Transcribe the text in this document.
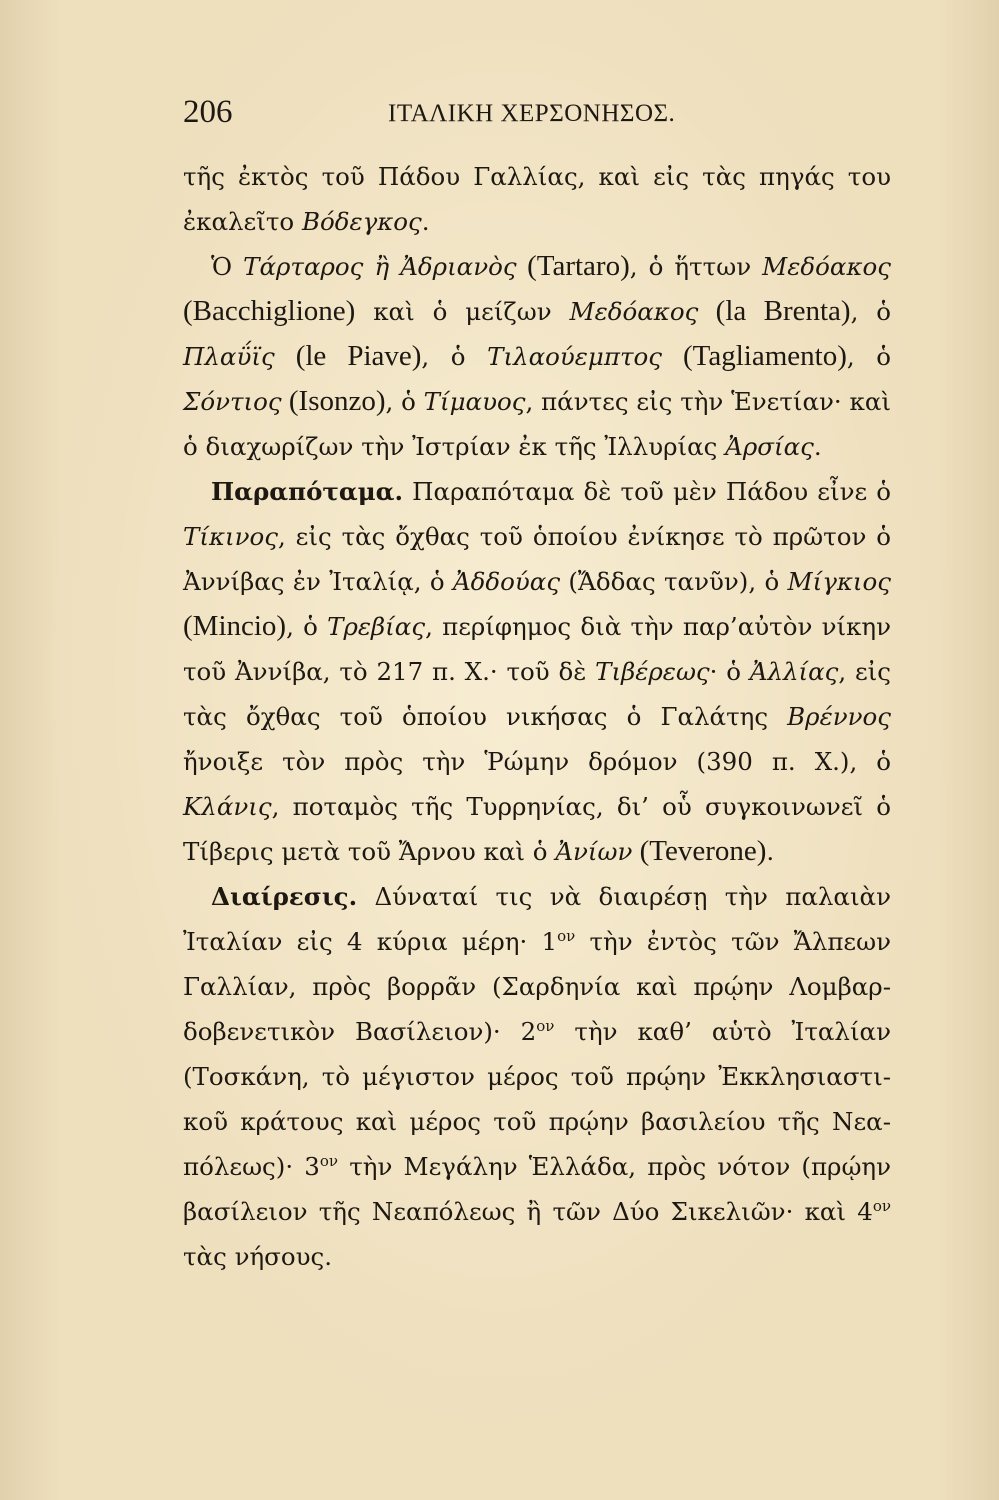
206	ΙΤΑΛΙΚΗ ΧΕΡΣΟΝΗΣΟΣ.

τῆς ἐκτὸς τοῦ Πάδου Γαλλίας, καὶ εἰς τὰς πηγάς του ἐκαλεῖτο Βόδεγκος.

Ὁ Τάρταρος ἢ Ἀδριανὸς (Tartaro), ὁ ἥττων Μεδόακος (Bacchiglione) καὶ ὁ μείζων Μεδόακος (la Brenta), ὁ Πλαΰϊς (le Piave), ὁ Τιλαούεμπτος (Tagliamento), ὁ Σόντιος (Isonzo), ὁ Τίμαυος, πάντες εἰς τὴν Ἑνετίαν· καὶ ὁ διαχωρίζων τὴν Ἰστρίαν ἐκ τῆς Ἰλλυρίας Ἀρσίας.

Παραπόταμα. Παραπόταμα δὲ τοῦ μὲν Πάδου εἶνε ὁ Τίκινος, εἰς τὰς ὄχθας τοῦ ὁποίου ἐνίκησε τὸ πρῶτον ὁ Ἀννίβας ἐν Ἰταλίᾳ, ὁ Ἀδδούας (Ἄδδας τανῦν), ὁ Μίγκιος (Mincio), ὁ Τρεβίας, περίφημος διὰ τὴν παρ’αὐτὸν νίκην τοῦ Ἀννίβα, τὸ 217 π. Χ.· τοῦ δὲ Τιβέρεως· ὁ Ἀλλίας, εἰς τὰς ὄχθας τοῦ ὁποίου νικήσας ὁ Γαλάτης Βρέννος ἤνοιξε τὸν πρὸς τὴν Ῥώμην δρόμον (390 π. Χ.), ὁ Κλάνις, ποταμὸς τῆς Τυρρηνίας, δι’ οὗ συγκοινωνεῖ ὁ Τίβερις μετὰ τοῦ Ἄρνου καὶ ὁ Ἀνίων (Teverone).

Διαίρεσις. Δύναταί τις νὰ διαιρέσῃ τὴν παλαιὰν Ἰταλίαν εἰς 4 κύρια $\mu έ\rho\eta\cdot 1^{o\nu}$ τὴν ἐντὸς τῶν Ἄλπεων Γαλλίαν, πρὸς βορρᾶν (Σαρδηνία καὶ πρῴην Λομβαρδοβενετικὸν $B\alpha\sigma ί\lambda\varepsilon\iota o\nu)\cdot 2^{o\nu}$ τὴν καθ’ αὑτὸ Ἰταλίαν (Τοσκάνη, τὸ μέγιστον μέρος τοῦ πρῴην Ἐκκλησιαστικοῦ κράτους καὶ μέρος τοῦ πρῴην βασιλείου τῆς $N\varepsilon\alpha\pi ό\lambda\varepsilon\omega\varsigma)\cdot 3^{o\nu}$ τὴν Μεγάλην Ἑλλάδα, πρὸς νότον (πρῴην βασίλειον τῆς Νεαπόλεως ἢ τῶν Δύο Σικελιῶν· καὶ $4^{o\nu}$ τὰς νήσους.
